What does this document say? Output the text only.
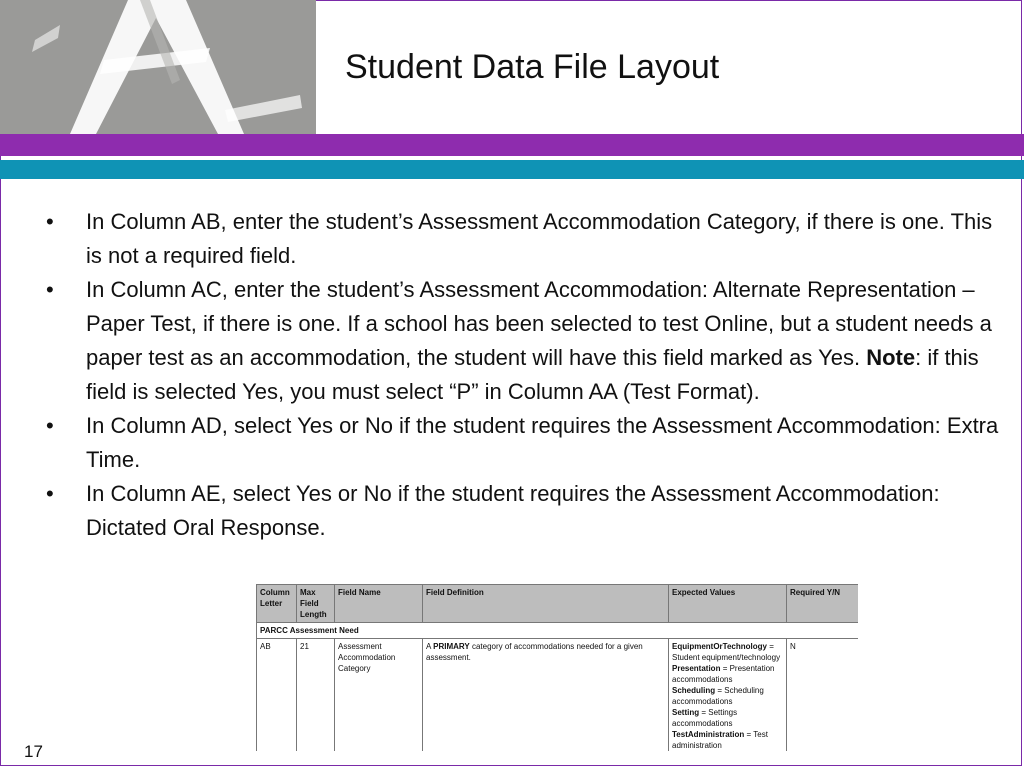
Student Data File Layout
• In Column AB, enter the student’s Assessment Accommodation Category, if there is one. This is not a required field.
• In Column AC, enter the student’s Assessment Accommodation: Alternate Representation – Paper Test, if there is one. If a school has been selected to test Online, but a student needs a paper test as an accommodation, the student will have this field marked as Yes. Note: if this field is selected Yes, you must select “P” in Column AA (Test Format).
• In Column AD, select Yes or No if the student requires the Assessment Accommodation: Extra Time.
• In Column AE, select Yes or No if the student requires the Assessment Accommodation: Dictated Oral Response.
Column Letter	Max Field Length	Field Name	Field Definition	Expected Values	Required Y/N
PARCC Assessment Need					
AB	21	Assessment Accommodation Category	A PRIMARY category of accommodations needed for a given assessment.	EquipmentOrTechnology = Student equipment/technology
Presentation = Presentation accommodations
Scheduling = Scheduling accommodations
Setting = Settings accommodations
TestAdministration = Test administration	N
17
